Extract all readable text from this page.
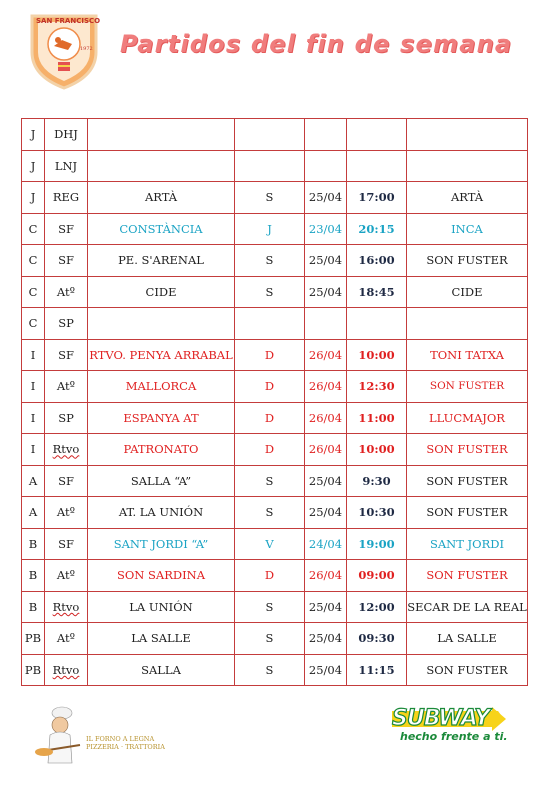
SAN FRANCISCO
1972 Partidos del fin de semana
J	DHJ					
J	LNJ					
J	REG	ARTÀ	S	25/04	17:00	ARTÀ
C	SF	CONSTÀNCIA	J	23/04	20:15	INCA
C	SF	PE. S'ARENAL	S	25/04	16:00	SON FUSTER
C	Atº	CIDE	S	25/04	18:45	CIDE
C	SP					
I	SF	RTVO. PENYA ARRABAL	D	26/04	10:00	TONI TATXA
I	Atº	MALLORCA	D	26/04	12:30	SON FUSTER
I	SP	ESPANYA AT	D	26/04	11:00	LLUCMAJOR
I	Rtvo	PATRONATO	D	26/04	10:00	SON FUSTER
A	SF	SALLA “A”	S	25/04	9:30	SON FUSTER
A	Atº	AT. LA UNIÓN	S	25/04	10:30	SON FUSTER
B	SF	SANT JORDI “A”	V	24/04	19:00	SANT JORDI
B	Atº	SON SARDINA	D	26/04	09:00	SON FUSTER
B	Rtvo	LA UNIÓN	S	25/04	12:00	SECAR DE LA REAL
PB	Atº	LA SALLE	S	25/04	09:30	LA SALLE
PB	Rtvo	SALLA	S	25/04	11:15	SON FUSTER
IL FORNO A LEGNA
PIZZERIA · TRATTORIA
SUBWAY
hecho frente a ti.
